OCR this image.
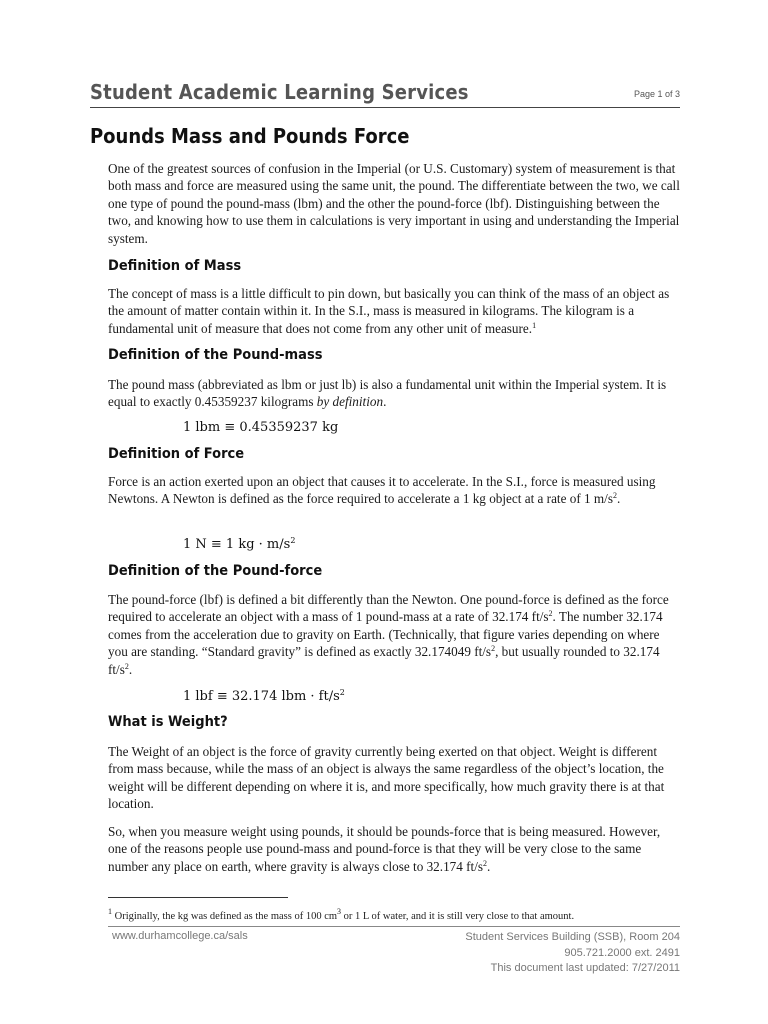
Student Academic Learning Services	Page 1 of 3
Pounds Mass and Pounds Force

One of the greatest sources of confusion in the Imperial (or U.S. Customary) system of measurement is that both mass and force are measured using the same unit, the pound. The differentiate between the two, we call one type of pound the pound-mass (lbm) and the other the pound-force (lbf). Distinguishing between the two, and knowing how to use them in calculations is very important in using and understanding the Imperial system.

Definition of Mass

The concept of mass is a little difficult to pin down, but basically you can think of the mass of an object as the amount of matter contain within it. In the S.I., mass is measured in kilograms. The kilogram is a fundamental unit of measure that does not come from any other unit of measure.$^1$

Definition of the Pound-mass

The pound mass (abbreviated as lbm or just lb) is also a fundamental unit within the Imperial system. It is equal to exactly 0.45359237 kilograms by definition.

1 lbm ≡ 0.45359237 kg
Definition of Force

Force is an action exerted upon an object that causes it to accelerate. In the S.I., force is measured using Newtons. A Newton is defined as the force required to accelerate a 1 kg object at a rate of 1 $m/s^2$.

1 N ≡ 1 kg · $m/s^2$
Definition of the Pound-force

The pound-force (lbf) is defined a bit differently than the Newton. One pound-force is defined as the force required to accelerate an object with a mass of 1 pound-mass at a rate of 32.174 $ft/s^2$. The number 32.174 comes from the acceleration due to gravity on Earth. (Technically, that figure varies depending on where you are standing. “Standard gravity” is defined as exactly 32.174049 $ft/s^2$, but usually rounded to 32.174 $ft/s^2$.

1 lbf ≡ 32.174 lbm · $ft/s^2$
What is Weight?

The Weight of an object is the force of gravity currently being exerted on that object. Weight is different from mass because, while the mass of an object is always the same regardless of the object’s location, the weight will be different depending on where it is, and more specifically, how much gravity there is at that location.

So, when you measure weight using pounds, it should be pounds-force that is being measured. However, one of the reasons people use pound-mass and pound-force is that they will be very close to the same number any place on earth, where gravity is always close to 32.174 $ft/s^2$.

$^1$ Originally, the kg was defined as the mass of 100 $cm^3$ or 1 L of water, and it is still very close to that amount.
www.durhamcollege.ca/sals	Student Services Building (SSB), Room 204
905.721.2000 ext. 2491
This document last updated: 7/27/2011
